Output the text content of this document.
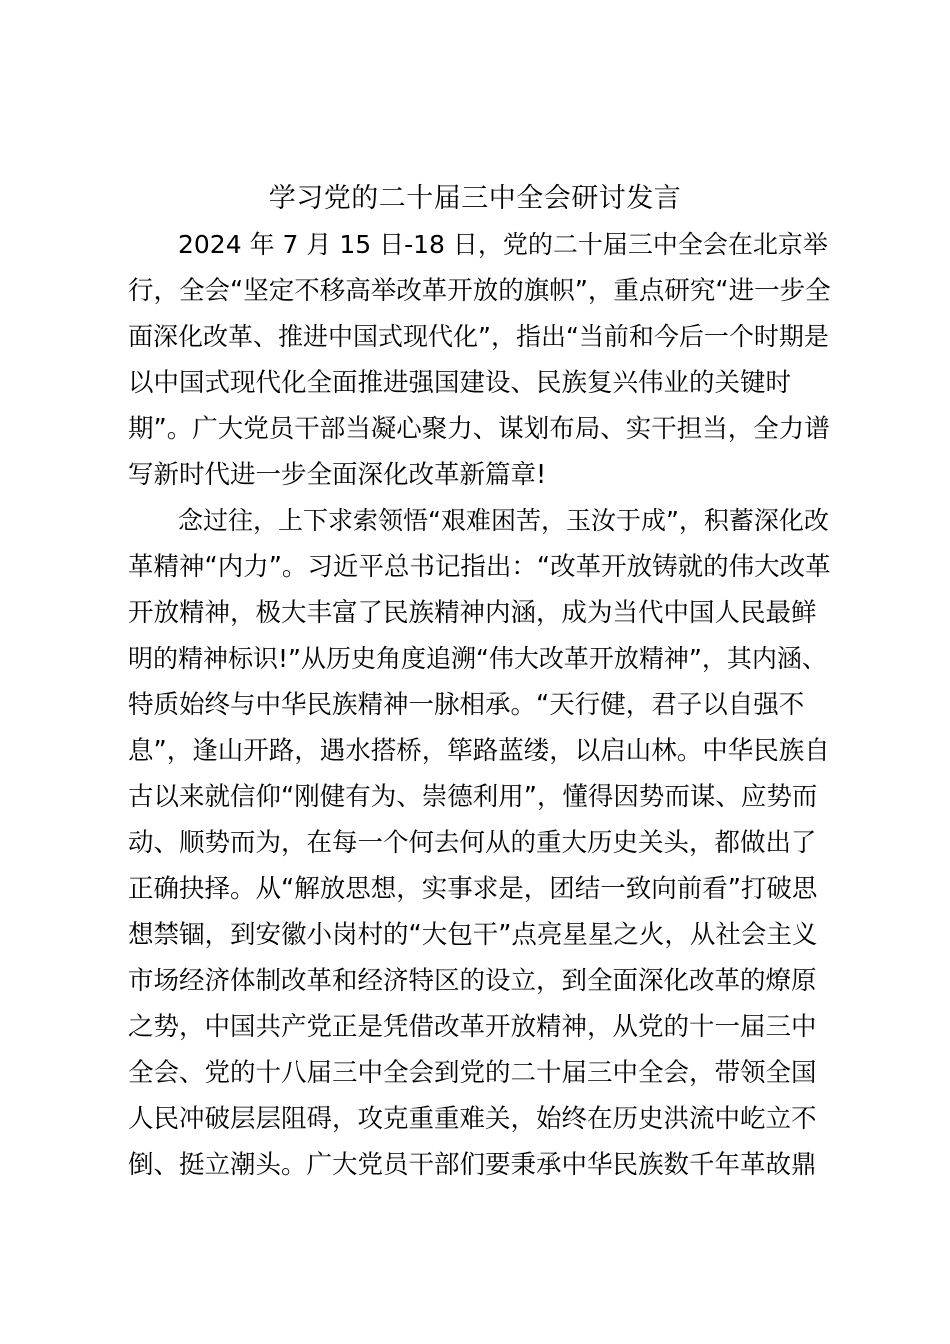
学习党的二十届三中全会研讨发言
2024 年 7 月 15 日-18 日，党的二十届三中全会在北京举
行，全会“坚定不移高举改革开放的旗帜”，重点研究“进一步全
面深化改革、推进中国式现代化”，指出“当前和今后一个时期是
以中国式现代化全面推进强国建设、民族复兴伟业的关键时
期”。广大党员干部当凝心聚力、谋划布局、实干担当，全力谱
写新时代进一步全面深化改革新篇章!
念过往，上下求索领悟“艰难困苦，玉汝于成”，积蓄深化改
革精神“内力”。习近平总书记指出：“改革开放铸就的伟大改革
开放精神，极大丰富了民族精神内涵，成为当代中国人民最鲜
明的精神标识!”从历史角度追溯“伟大改革开放精神”，其内涵、
特质始终与中华民族精神一脉相承。“天行健，君子以自强不
息”，逢山开路，遇水搭桥，筚路蓝缕，以启山林。中华民族自
古以来就信仰“刚健有为、崇德利用”，懂得因势而谋、应势而
动、顺势而为，在每一个何去何从的重大历史关头，都做出了
正确抉择。从“解放思想，实事求是，团结一致向前看”打破思
想禁锢，到安徽小岗村的“大包干”点亮星星之火，从社会主义
市场经济体制改革和经济特区的设立，到全面深化改革的燎原
之势，中国共产党正是凭借改革开放精神，从党的十一届三中
全会、党的十八届三中全会到党的二十届三中全会，带领全国
人民冲破层层阻碍，攻克重重难关，始终在历史洪流中屹立不
倒、挺立潮头。广大党员干部们要秉承中华民族数千年革故鼎
